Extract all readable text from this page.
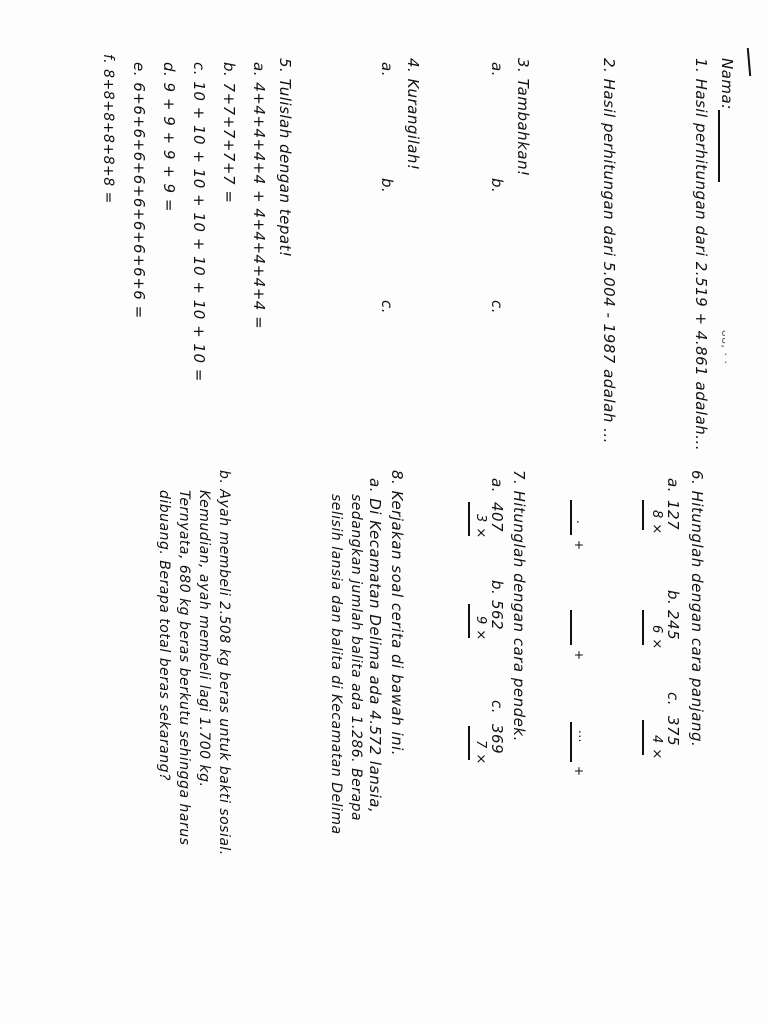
Nama:
1. Hasil perhitungan dari 2.519 + 4.861 adalah... ᴗᴗ, · ·
2. Hasil perhitungan dari 5.004 - 1987 adalah ...
3. Tambahkan!
a.
b.
c.
4. Kurangilah!
a.
b.
c.
5. Tulislah dengan tepat!
a. 4+4+4+4+4 + 4+4+4+4+4 =
b. 7+7+7+7+7 =
c. 10 + 10 + 10 + 10 + 10 + 10 + 10 =
d. 9 + 9 + 9 + 9 =
e. 6+6+6+6+6+6+6+6+6+6 =
f. 8+8+8+8+8+8 =
6. Hitunglah dengan cara panjang.
a.
127
8 ×
b.
245
6 ×
c.
375
4 ×
+
.
+
+
...
7. Hitunglah dengan cara pendek.
a.
407
3 ×
b.
562
9 ×
c.
369
7 ×
8. Kerjakan soal cerita di bawah ini.
a. Di Kecamatan Delima ada 4.572 lansia,
sedangkan jumlah balita ada 1.286. Berapa
selisih lansia dan balita di Kecamatan Delima
b. Ayah membeli 2.508 kg beras untuk bakti sosial.
Kemudian, ayah membeli lagi 1.700 kg.
Ternyata, 680 kg beras berkutu sehingga harus
dibuang. Berapa total beras sekarang?
